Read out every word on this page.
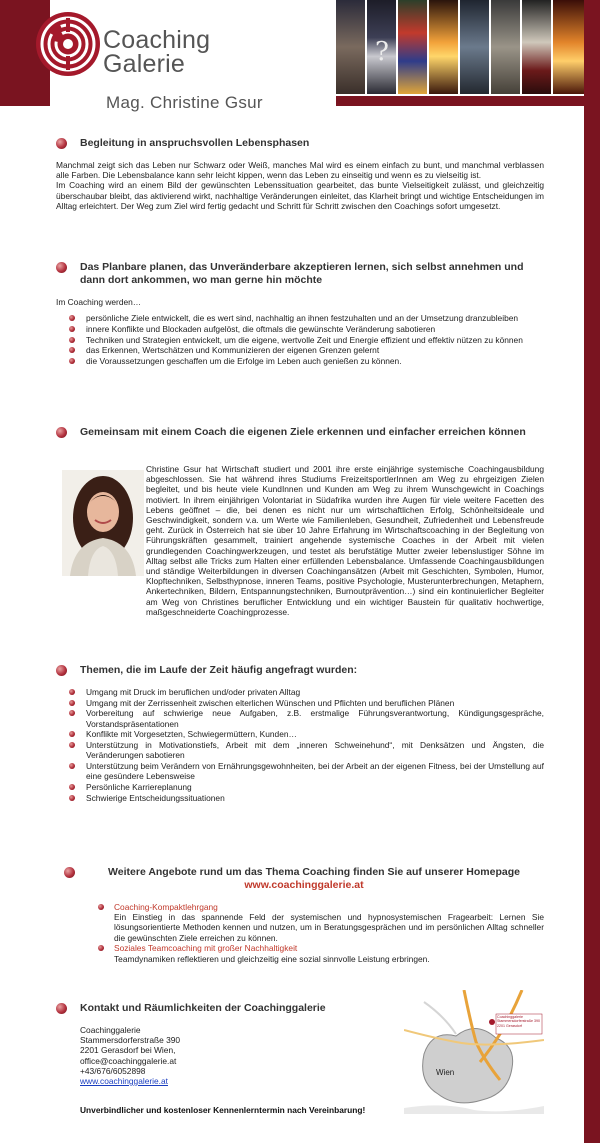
Coaching
Galerie
Mag. Christine Gsur
?
Begleitung in anspruchsvollen Lebensphasen

Manchmal zeigt sich das Leben nur Schwarz oder Weiß, manches Mal wird es einem einfach zu bunt, und manchmal verblassen alle Farben. Die Lebensbalance kann sehr leicht kippen, wenn das Leben zu einseitig und wenn es zu vielseitig ist.

Im Coaching wird an einem Bild der gewünschten Lebenssituation gearbeitet, das bunte Vielseitigkeit zulässt, und gleichzeitig überschaubar bleibt, das aktivierend wirkt, nachhaltige Veränderungen einleitet, das Klarheit bringt und wichtige Entscheidungen im Alltag erleichtert. Der Weg zum Ziel wird fertig gedacht und Schritt für Schritt zwischen den Coachings sofort umgesetzt.

Das Planbare planen, das Unveränderbare akzeptieren lernen, sich selbst annehmen und dann dort ankommen, wo man gerne hin möchte

Im Coaching werden…

persönliche Ziele entwickelt, die es wert sind, nachhaltig an ihnen festzuhalten und an der Umsetzung dranzubleiben
innere Konflikte und Blockaden aufgelöst, die oftmals die gewünschte Veränderung sabotieren
Techniken und Strategien entwickelt, um die eigene, wertvolle Zeit und Energie effizient und effektiv nützen zu können
das Erkennen, Wertschätzen und Kommunizieren der eigenen Grenzen gelernt
die Voraussetzungen geschaffen um die Erfolge im Leben auch genießen zu können.
Gemeinsam mit einem Coach die eigenen Ziele erkennen und einfacher erreichen können

Christine Gsur hat Wirtschaft studiert und 2001 ihre erste einjährige systemische Coachingausbildung abgeschlossen. Sie hat während ihres Studiums FreizeitsportlerInnen am Weg zu ehrgeizigen Zielen begleitet, und bis heute viele KundInnen und Kunden am Weg zu ihrem Wunschgewicht in Coachings motiviert. In ihrem einjährigen Volontariat in Südafrika wurden ihre Augen für viele weitere Facetten des Lebens geöffnet – die, bei denen es nicht nur um wirtschaftlichen Erfolg, Schönheitsideale und Geschwindigkeit, sondern v.a. um Werte wie Familienleben, Gesundheit, Zufriedenheit und Lebensfreude geht. Zurück in Österreich hat sie über 10 Jahre Erfahrung im Wirtschaftscoaching in der Begleitung von Führungskräften gesammelt, trainiert angehende systemische Coaches in der Arbeit mit vielen grundlegenden Coachingwerkzeugen, und testet als berufstätige Mutter zweier lebenslustiger Söhne im Alltag selbst alle Tricks zum Halten einer erfüllenden Lebensbalance. Umfassende Coachingausbildungen und ständige Weiterbildungen in diversen Coachingansätzen (Arbeit mit Geschichten, Symbolen, Humor, Klopftechniken, Selbsthypnose, inneren Teams, positive Psychologie, Musterunterbrechungen, Metaphern, Ankertechniken, Bildern, Entspannungstechniken, Burnoutprävention…) sind ein kontinuierlicher Begleiter am Weg von Christines beruflicher Entwicklung und ein wichtiger Baustein für qualitativ hochwertige, maßgeschneiderte Coachingprozesse.

Themen, die im Laufe der Zeit häufig angefragt wurden:
Umgang mit Druck im beruflichen und/oder privaten Alltag
Umgang mit der Zerrissenheit zwischen elterlichen Wünschen und Pflichten und beruflichen Plänen
Vorbereitung auf schwierige neue Aufgaben, z.B. erstmalige Führungsverantwortung, Kündigungsgespräche, Vorstandspräsentationen
Konflikte mit Vorgesetzten, Schwiegermüttern, Kunden…
Unterstützung in Motivationstiefs, Arbeit mit dem „inneren Schweinehund“, mit Denksätzen und Ängsten, die Veränderungen sabotieren
Unterstützung beim Verändern von Ernährungsgewohnheiten, bei der Arbeit an der eigenen Fitness, bei der Umstellung auf eine gesündere Lebensweise
Persönliche Karriereplanung
Schwierige Entscheidungssituationen
Weitere Angebote rund um das Thema Coaching finden Sie auf unserer Homepage
www.coachinggalerie.at
Coaching-Kompaktlehrgang
Ein Einstieg in das spannende Feld der systemischen und hypnosystemischen Fragearbeit: Lernen Sie lösungsorientierte Methoden kennen und nutzen, um in Beratungsgesprächen und im persönlichen Alltag schneller die gewünschten Ziele erreichen zu können.
Soziales Teamcoaching mit großer Nachhaltigkeit
Teamdynamiken reflektieren und gleichzeitig eine sozial sinnvolle Leistung erbringen.
Kontakt und Räumlichkeiten der Coachinggalerie
Coachinggalerie
Stammersdorferstraße 390
2201 Gerasdorf bei Wien,
office@coachinggalerie.at
+43/676/6052898
www.coachinggalerie.at
Unverbindlicher und kostenloser Kennenlerntermin nach Vereinbarung!
Coachinggalerie Stammersdorferstraße 390 2201 Gerasdorf
Wien
